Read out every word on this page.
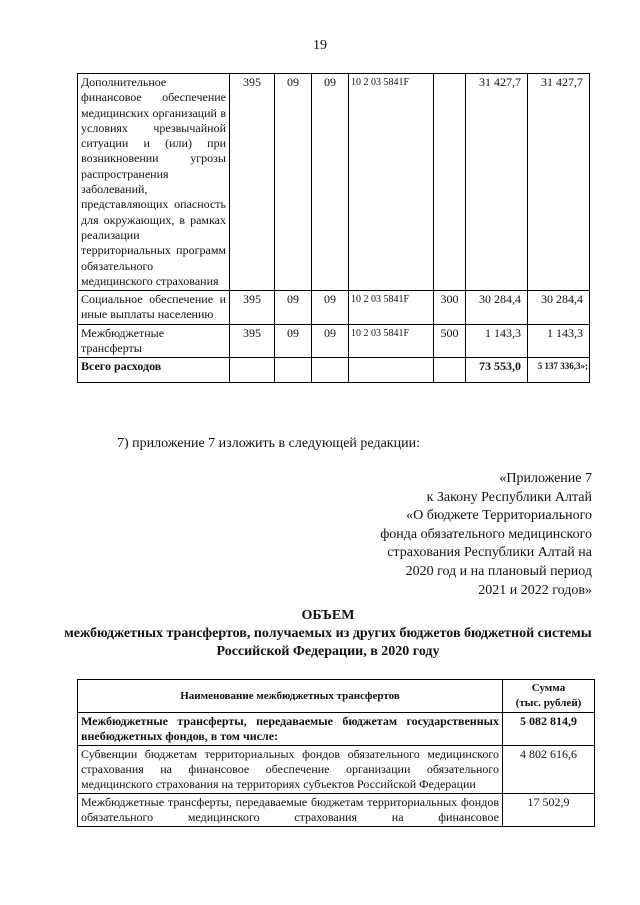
19
Дополнительное финансовое обеспечение медицинских организаций в условиях чрезвычайной ситуации и (или) при возникновении угрозы распространения заболеваний, представляющих опасность для окружающих, в рамках реализации территориальных программ обязательного медицинского страхования	395	09	09	10 2 03 5841F		31 427,7	31 427,7
Социальное обеспечение и иные выплаты населению	395	09	09	10 2 03 5841F	300	30 284,4	30 284,4
Межбюджетные трансферты	395	09	09	10 2 03 5841F	500	1 143,3	1 143,3
Всего расходов						73 553,0	5 137 336,3»;
7) приложение 7 изложить в следующей редакции:
«Приложение 7
к Закону Республики Алтай
«О бюджете Территориального
фонда обязательного медицинского
страхования Республики Алтай на
2020 год и на плановый период
2021 и 2022 годов»
ОБЪЕМ
межбюджетных трансфертов, получаемых из других бюджетов бюджетной системы Российской Федерации, в 2020 году
Наименование межбюджетных трансфертов	Сумма
(тыс. рублей)

Межбюджетные трансферты, передаваемые бюджетам государственных внебюджетных фондов, в том числе:	5 082 814,9
Субвенции бюджетам территориальных фондов обязательного медицинского страхования на финансовое обеспечение организации обязательного медицинского страхования на территориях субъектов Российской Федерации	4 802 616,6
Межбюджетные трансферты, передаваемые бюджетам территориальных фондов обязательного медицинского страхования на финансовое	17 502,9
